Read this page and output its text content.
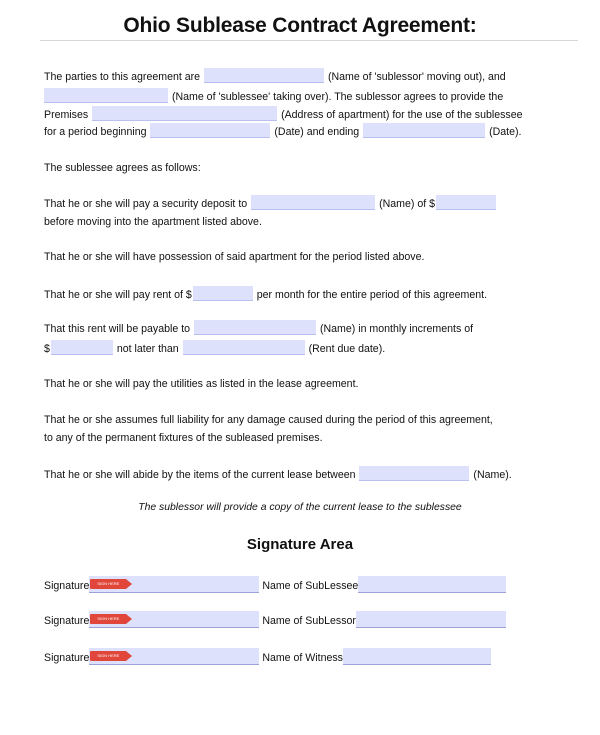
Ohio Sublease Contract Agreement:
The parties to this agreement are	(Name of 'sublessor' moving out), and
(Name of 'sublessee' taking over). The sublessor agrees to provide the
Premises	(Address of apartment) for the use of the sublessee
for a period beginning	(Date) and ending	(Date).
The sublessee agrees as follows:
That he or she will pay a security deposit to	(Name) of $
before moving into the apartment listed above.
That he or she will have possession of said apartment for the period listed above.
That he or she will pay rent of $	per month for the entire period of this agreement.
That this rent will be payable to	(Name) in monthly increments of
$	not later than	(Rent due date).
That he or she will pay the utilities as listed in the lease agreement.
That he or she assumes full liability for any damage caused during the period of this agreement,
to any of the permanent fixtures of the subleased premises.
That he or she will abide by the items of the current lease between	(Name).
The sublessor will provide a copy of the current lease to the sublessee
Signature Area
Signature	SIGN HERE	Name of SubLessee
Signature	SIGN HERE	Name of SubLessor
Signature	SIGN HERE	Name of Witness
